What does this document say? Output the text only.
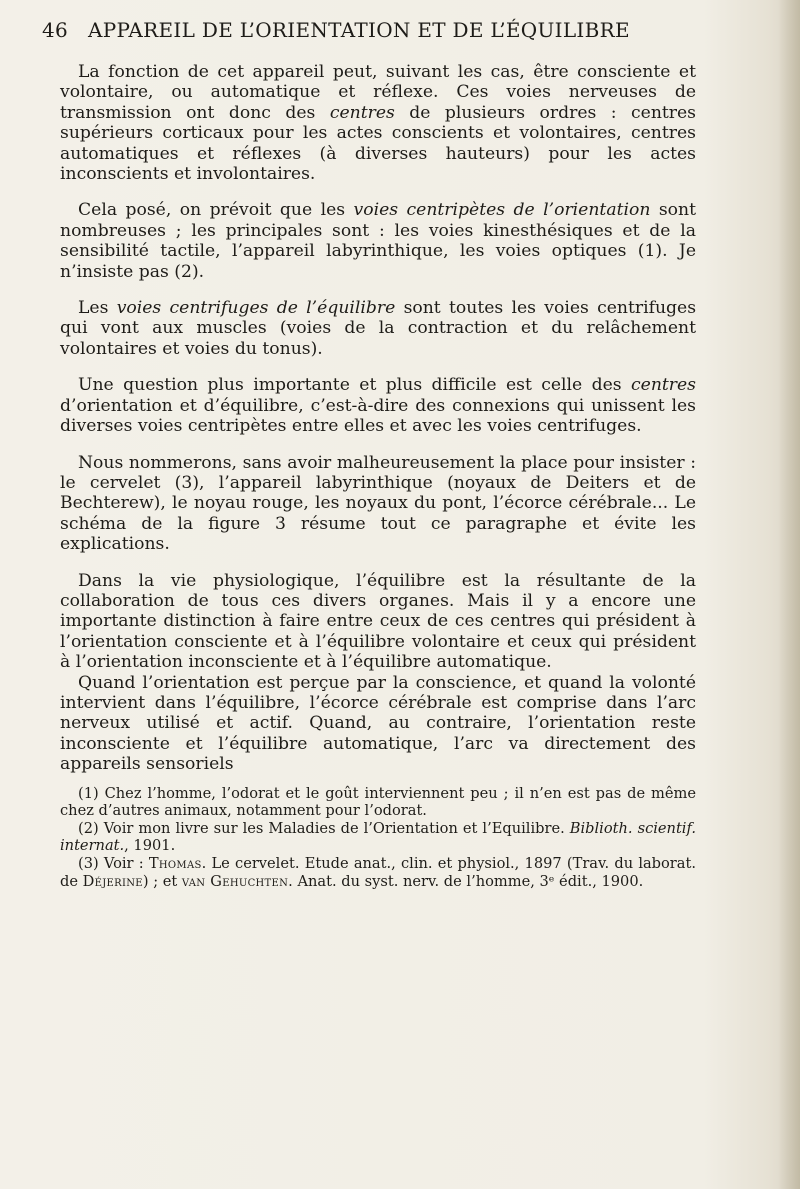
46 APPAREIL DE L’ORIENTATION ET DE L’ÉQUILIBRE

La fonction de cet appareil peut, suivant les cas, être consciente et volontaire, ou automatique et réflexe. Ces voies nerveuses de transmission ont donc des centres de plusieurs ordres : centres supérieurs corticaux pour les actes conscients et volontaires, centres automatiques et réflexes (à diverses hauteurs) pour les actes inconscients et involontaires.

Cela posé, on prévoit que les voies centripètes de l’orientation sont nombreuses ; les principales sont : les voies kinesthésiques et de la sensibilité tactile, l’appareil labyrinthique, les voies optiques (1). Je n’insiste pas (2).

Les voies centrifuges de l’équilibre sont toutes les voies centrifuges qui vont aux muscles (voies de la contraction et du relâchement volontaires et voies du tonus).

Une question plus importante et plus difficile est celle des centres d’orientation et d’équilibre, c’est-à-dire des connexions qui unissent les diverses voies centripètes entre elles et avec les voies centrifuges.

Nous nommerons, sans avoir malheureusement la place pour insister : le cervelet (3), l’appareil labyrinthique (noyaux de Deiters et de Bechterew), le noyau rouge, les noyaux du pont, l’écorce cérébrale... Le schéma de la figure 3 résume tout ce paragraphe et évite les explications.

Dans la vie physiologique, l’équilibre est la résultante de la collaboration de tous ces divers organes. Mais il y a encore une importante distinction à faire entre ceux de ces centres qui président à l’orientation consciente et à l’équilibre volontaire et ceux qui président à l’orientation inconsciente et à l’équilibre automatique.

Quand l’orientation est perçue par la conscience, et quand la volonté intervient dans l’équilibre, l’écorce cérébrale est comprise dans l’arc nerveux utilisé et actif. Quand, au contraire, l’orientation reste inconsciente et l’équilibre automatique, l’arc va directement des appareils sensoriels

(1) Chez l’homme, l’odorat et le goût interviennent peu ; il n’en est pas de même chez d’autres animaux, notamment pour l’odorat.

(2) Voir mon livre sur les Maladies de l’Orientation et l’Equilibre. Biblioth. scientif. internat., 1901.

(3) Voir : Thomas. Le cervelet. Etude anat., clin. et physiol., 1897 (Trav. du laborat. de Déjerine) ; et van Gehuchten. Anat. du syst. nerv. de l’homme, 3ᵉ édit., 1900.
